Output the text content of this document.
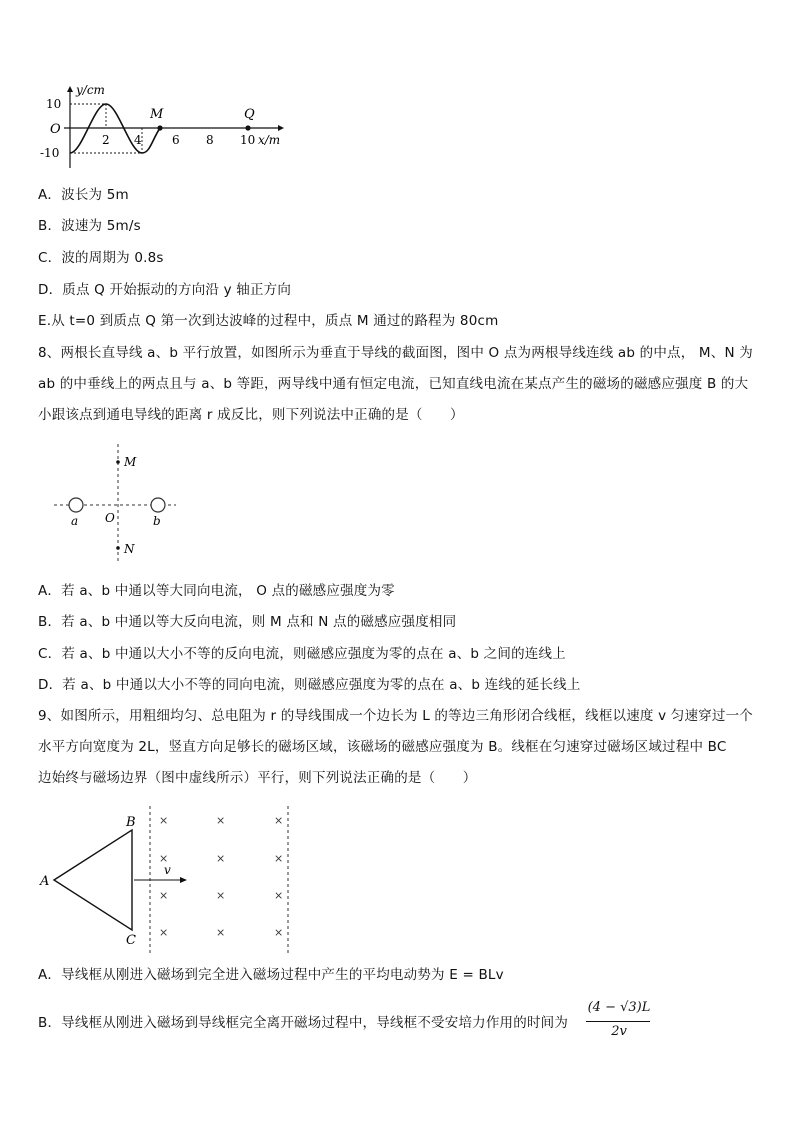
y/cm
O
10
-10
2 4	6 8 10 x/m
M	Q
A．波长为 5m
B．波速为 5m/s
C．波的周期为 0.8s
D．质点 Q 开始振动的方向沿 y 轴正方向
E.从 t=0 到质点 Q 第一次到达波峰的过程中，质点 M 通过的路程为 80cm
8、两根长直导线 a、b 平行放置，如图所示为垂直于导线的截面图，图中 O 点为两根导线连线 ab 的中点， M、N 为
ab 的中垂线上的两点且与 a、b 等距，两导线中通有恒定电流，已知直线电流在某点产生的磁场的磁感应强度 B 的大
小跟该点到通电导线的距离 r 成反比，则下列说法中正确的是（　　）
M
N
O
a	b
A．若 a、b 中通以等大同向电流， O 点的磁感应强度为零
B．若 a、b 中通以等大反向电流，则 M 点和 N 点的磁感应强度相同
C．若 a、b 中通以大小不等的反向电流，则磁感应强度为零的点在 a、b 之间的连线上
D．若 a、b 中通以大小不等的同向电流，则磁感应强度为零的点在 a、b 连线的延长线上
9、如图所示，用粗细均匀、总电阻为 r 的导线围成一个边长为 L 的等边三角形闭合线框，线框以速度 v 匀速穿过一个
水平方向宽度为 2L，竖直方向足够长的磁场区域，该磁场的磁感应强度为 B。线框在匀速穿过磁场区域过程中 BC
边始终与磁场边界（图中虚线所示）平行，则下列说法正确的是（　　）
A
B
C
v
×	×	×
×	×	×
×	×	×
×	×	×
A．导线框从刚进入磁场到完全进入磁场过程中产生的平均电动势为 E = BLv
B．导线框从刚进入磁场到导线框完全离开磁场过程中，导线框不受安培力作用的时间为
(4 − √3)L
2v
